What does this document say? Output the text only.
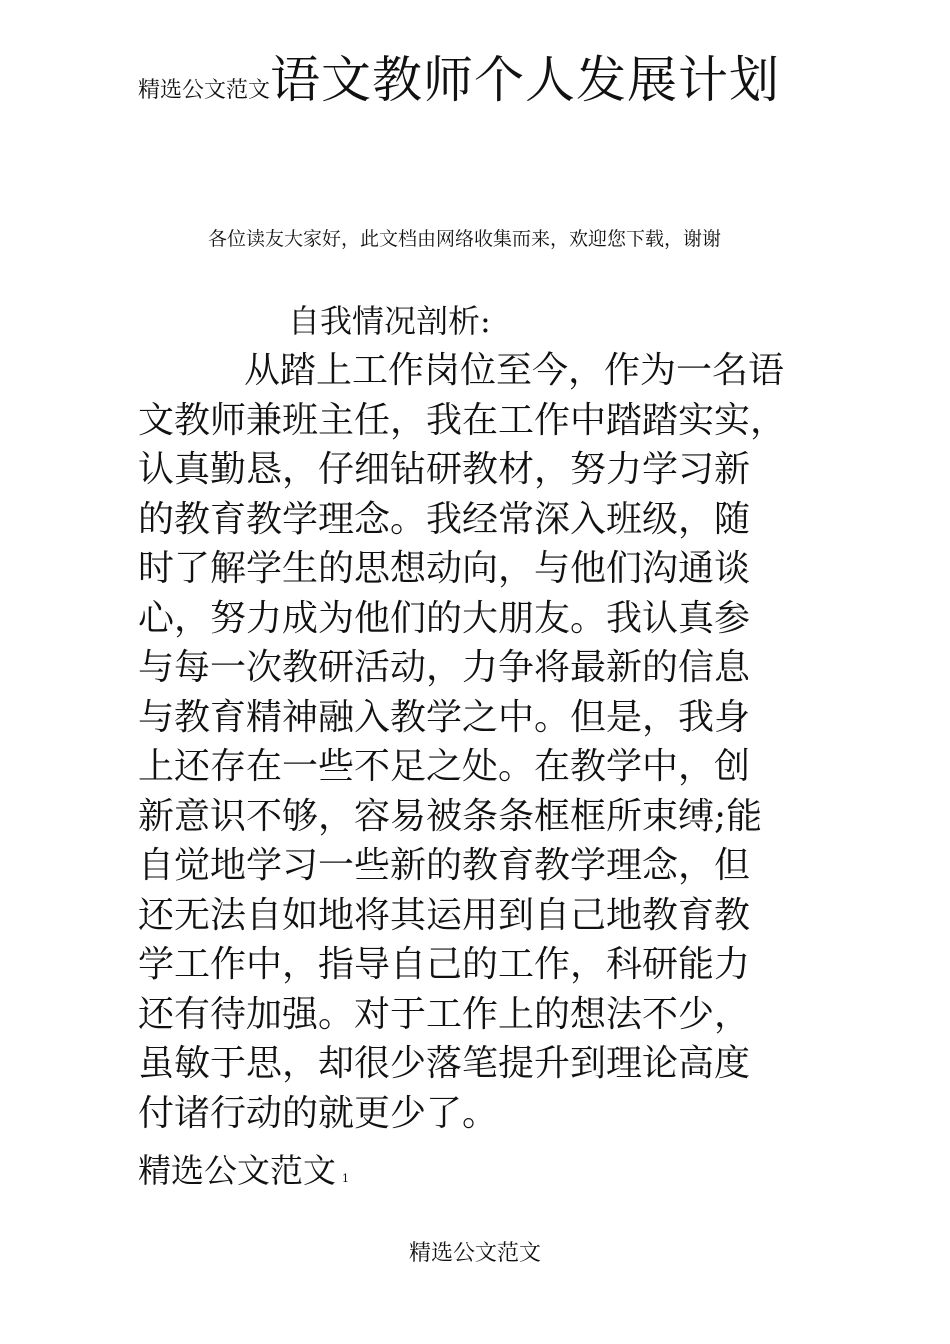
精选公文范文语文教师个人发展计划
各位读友大家好，此文档由网络收集而来，欢迎您下载，谢谢
自我情况剖析:
从踏上工作岗位至今，作为一名语
文教师兼班主任，我在工作中踏踏实实，
认真勤恳，仔细钻研教材，努力学习新
的教育教学理念。我经常深入班级，随
时了解学生的思想动向，与他们沟通谈
心，努力成为他们的大朋友。我认真参
与每一次教研活动，力争将最新的信息
与教育精神融入教学之中。但是，我身
上还存在一些不足之处。在教学中，创
新意识不够，容易被条条框框所束缚;能
自觉地学习一些新的教育教学理念，但
还无法自如地将其运用到自己地教育教
学工作中，指导自己的工作，科研能力
还有待加强。对于工作上的想法不少，
虽敏于思，却很少落笔提升到理论高度
付诸行动的就更少了。
精选公文范文 1
精选公文范文
